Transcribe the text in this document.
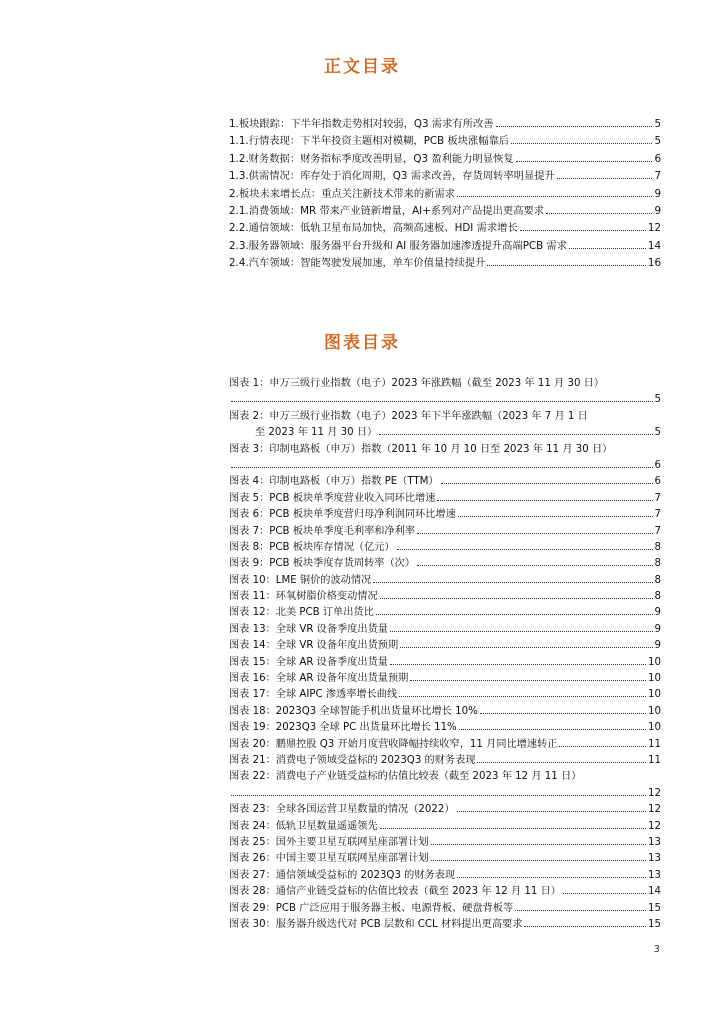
正文目录
1.板块跟踪：下半年指数走势相对较弱，Q3 需求有所改善	5
1.1.行情表现：下半年投资主题相对模糊，PCB 板块涨幅靠后	5
1.2.财务数据：财务指标季度改善明显，Q3 盈利能力明显恢复	6
1.3.供需情况：库存处于消化周期，Q3 需求改善，存货周转率明显提升	7
2.板块未来增长点：重点关注新技术带来的新需求	9
2.1.消费领域：MR 带来产业链新增量，AI+系列对产品提出更高要求	9
2.2.通信领域：低轨卫星布局加快，高频高速板、HDI 需求增长	12
2.3.服务器领域：服务器平台升级和 AI 服务器加速渗透提升高端PCB 需求	14
2.4.汽车领域：智能驾驶发展加速，单车价值量持续提升	16
图表目录
图表 1：申万三级行业指数（电子）2023 年涨跌幅（截至 2023 年 11 月 30 日）
5
图表 2：申万三级行业指数（电子）2023 年下半年涨跌幅（2023 年 7 月 1 日
至 2023 年 11 月 30 日）	5
图表 3：印制电路板（申万）指数（2011 年 10 月 10 日至 2023 年 11 月 30 日）
6
图表 4：印制电路板（申万）指数 PE（TTM）	6
图表 5：PCB 板块单季度营业收入同环比增速	7
图表 6：PCB 板块单季度营归母净利润同环比增速	7
图表 7：PCB 板块单季度毛利率和净利率	7
图表 8：PCB 板块库存情况（亿元）	8
图表 9：PCB 板块季度存货周转率（次）	8
图表 10：LME 铜价的波动情况	8
图表 11：环氧树脂价格变动情况	8
图表 12：北美 PCB 订单出货比	9
图表 13：全球 VR 设备季度出货量	9
图表 14：全球 VR 设备年度出货预期	9
图表 15：全球 AR 设备季度出货量	10
图表 16：全球 AR 设备年度出货量预期	10
图表 17：全球 AIPC 渗透率增长曲线	10
图表 18：2023Q3 全球智能手机出货量环比增长 10%	10
图表 19：2023Q3 全球 PC 出货量环比增长 11%	10
图表 20：鹏鼎控股 Q3 开始月度营收降幅持续收窄，11 月同比增速转正	11
图表 21：消费电子领域受益标的 2023Q3 的财务表现	11
图表 22：消费电子产业链受益标的估值比较表（截至 2023 年 12 月 11 日）
12
图表 23：全球各国运营卫星数量的情况（2022）	12
图表 24：低轨卫星数量遥遥领先	12
图表 25：国外主要卫星互联网星座部署计划	13
图表 26：中国主要卫星互联网星座部署计划	13
图表 27：通信领域受益标的 2023Q3 的财务表现	13
图表 28：通信产业链受益标的估值比较表（截至 2023 年 12 月 11 日）	14
图表 29：PCB 广泛应用于服务器主板、电源背板、硬盘背板等	15
图表 30：服务器升级迭代对 PCB 层数和 CCL 材料提出更高要求	15
3
